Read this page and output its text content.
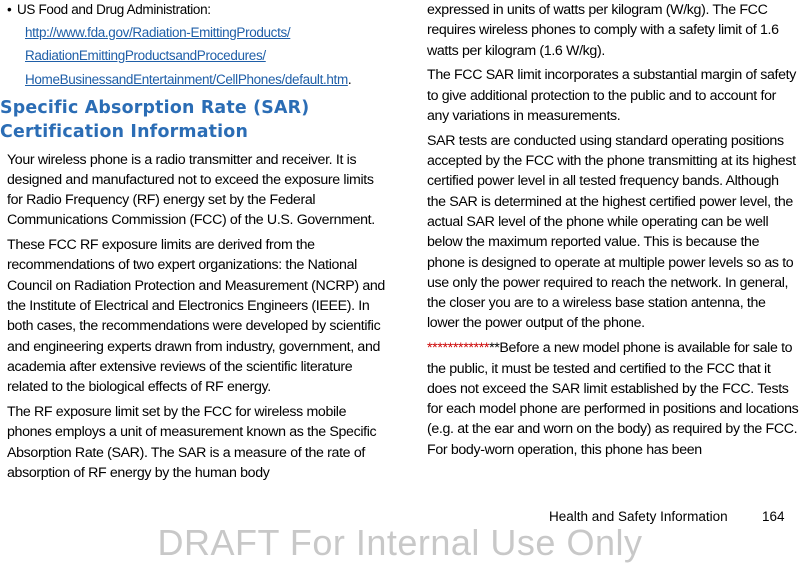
• US Food and Drug Administration:
http://www.fda.gov/Radiation-EmittingProducts/
RadiationEmittingProductsandProcedures/
HomeBusinessandEntertainment/CellPhones/default.htm.
Specific Absorption Rate (SAR)
Certification Information

Your wireless phone is a radio transmitter and receiver. It is designed and manufactured not to exceed the exposure limits for Radio Frequency (RF) energy set by the Federal Communications Commission (FCC) of the U.S. Government.

These FCC RF exposure limits are derived from the recommendations of two expert organizations: the National Council on Radiation Protection and Measurement (NCRP) and the Institute of Electrical and Electronics Engineers (IEEE). In both cases, the recommendations were developed by scientific and engineering experts drawn from industry, government, and academia after extensive reviews of the scientific literature related to the biological effects of RF energy.

The RF exposure limit set by the FCC for wireless mobile phones employs a unit of measurement known as the Specific Absorption Rate (SAR). The SAR is a measure of the rate of absorption of RF energy by the human body

expressed in units of watts per kilogram (W/kg). The FCC requires wireless phones to comply with a safety limit of 1.6 watts per kilogram (1.6 W/kg).

The FCC SAR limit incorporates a substantial margin of safety to give additional protection to the public and to account for any variations in measurements.

SAR tests are conducted using standard operating positions accepted by the FCC with the phone transmitting at its highest certified power level in all tested frequency bands. Although the SAR is determined at the highest certified power level, the actual SAR level of the phone while operating can be well below the maximum reported value. This is because the phone is designed to operate at multiple power levels so as to use only the power required to reach the network. In general, the closer you are to a wireless base station antenna, the lower the power output of the phone.

**************Before a new model phone is available for sale to the public, it must be tested and certified to the FCC that it does not exceed the SAR limit established by the FCC. Tests for each model phone are performed in positions and locations (e.g. at the ear and worn on the body) as required by the FCC. For body-worn operation, this phone has been

Health and Safety Information	164
DRAFT For Internal Use Only
